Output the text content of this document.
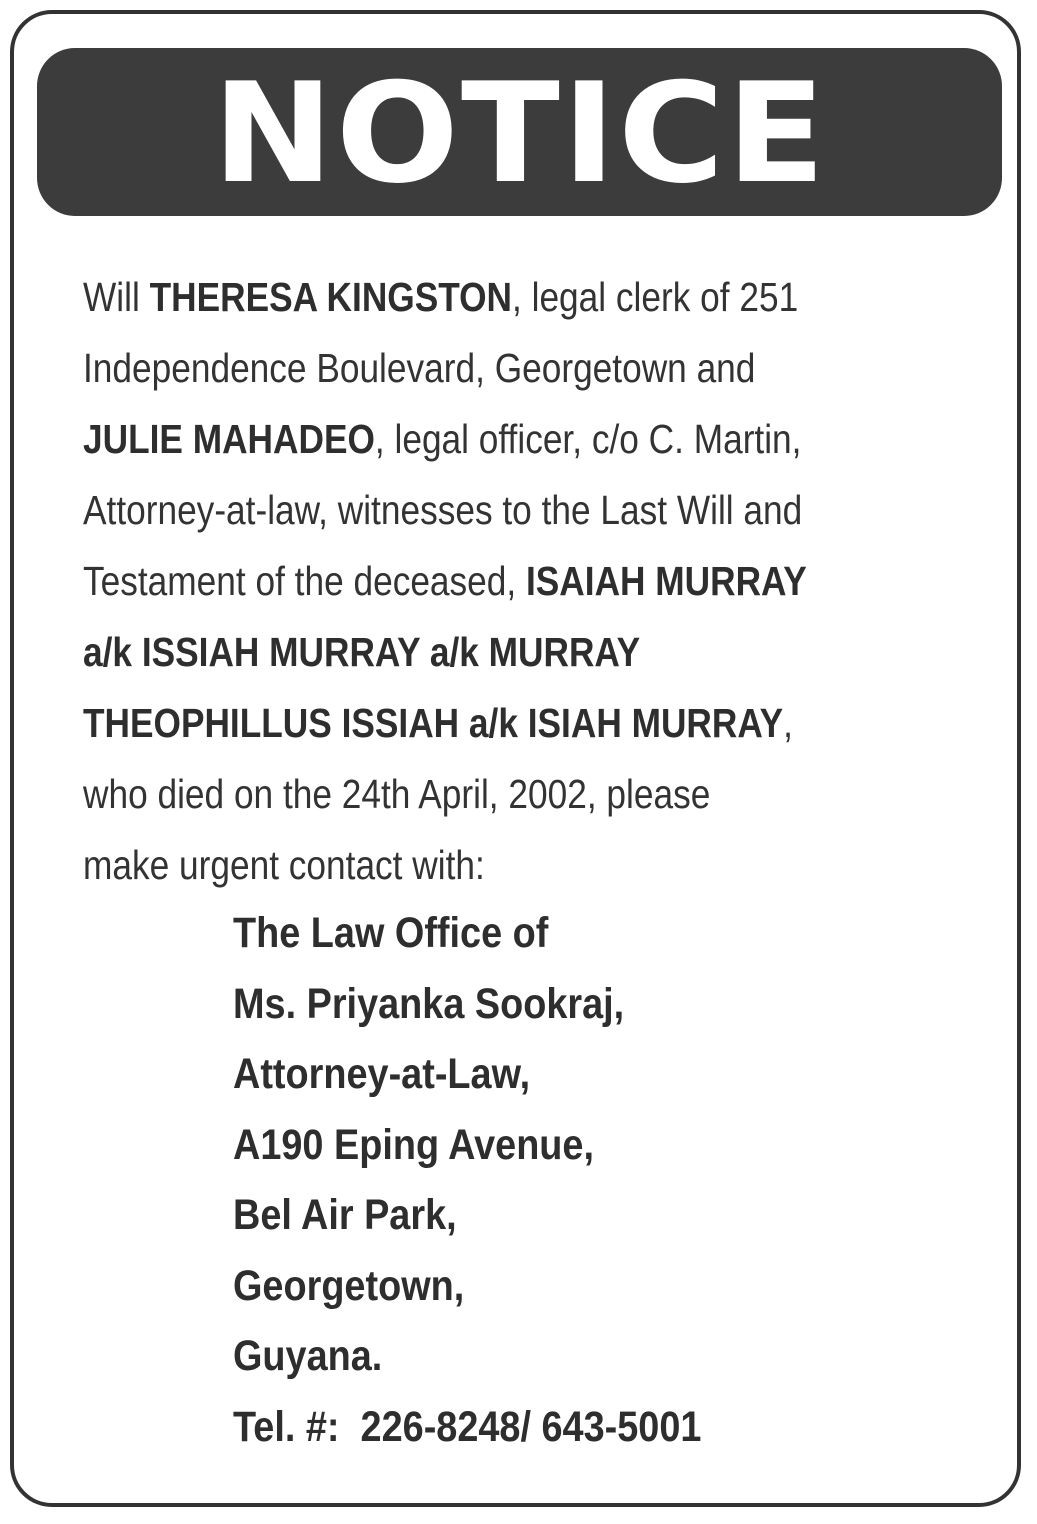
NOTICE
Will THERESA KINGSTON, legal clerk of 251
Independence Boulevard, Georgetown and
JULIE MAHADEO, legal officer, c/o C. Martin,
Attorney-at-law, witnesses to the Last Will and
Testament of the deceased, ISAIAH MURRAY
a/k ISSIAH MURRAY a/k MURRAY
THEOPHILLUS ISSIAH a/k ISIAH MURRAY,
who died on the 24th April, 2002, please
make urgent contact with:
The Law Office of
Ms. Priyanka Sookraj,
Attorney-at-Law,
A190 Eping Avenue,
Bel Air Park,
Georgetown,
Guyana.
Tel. #:  226-8248/ 643-5001
